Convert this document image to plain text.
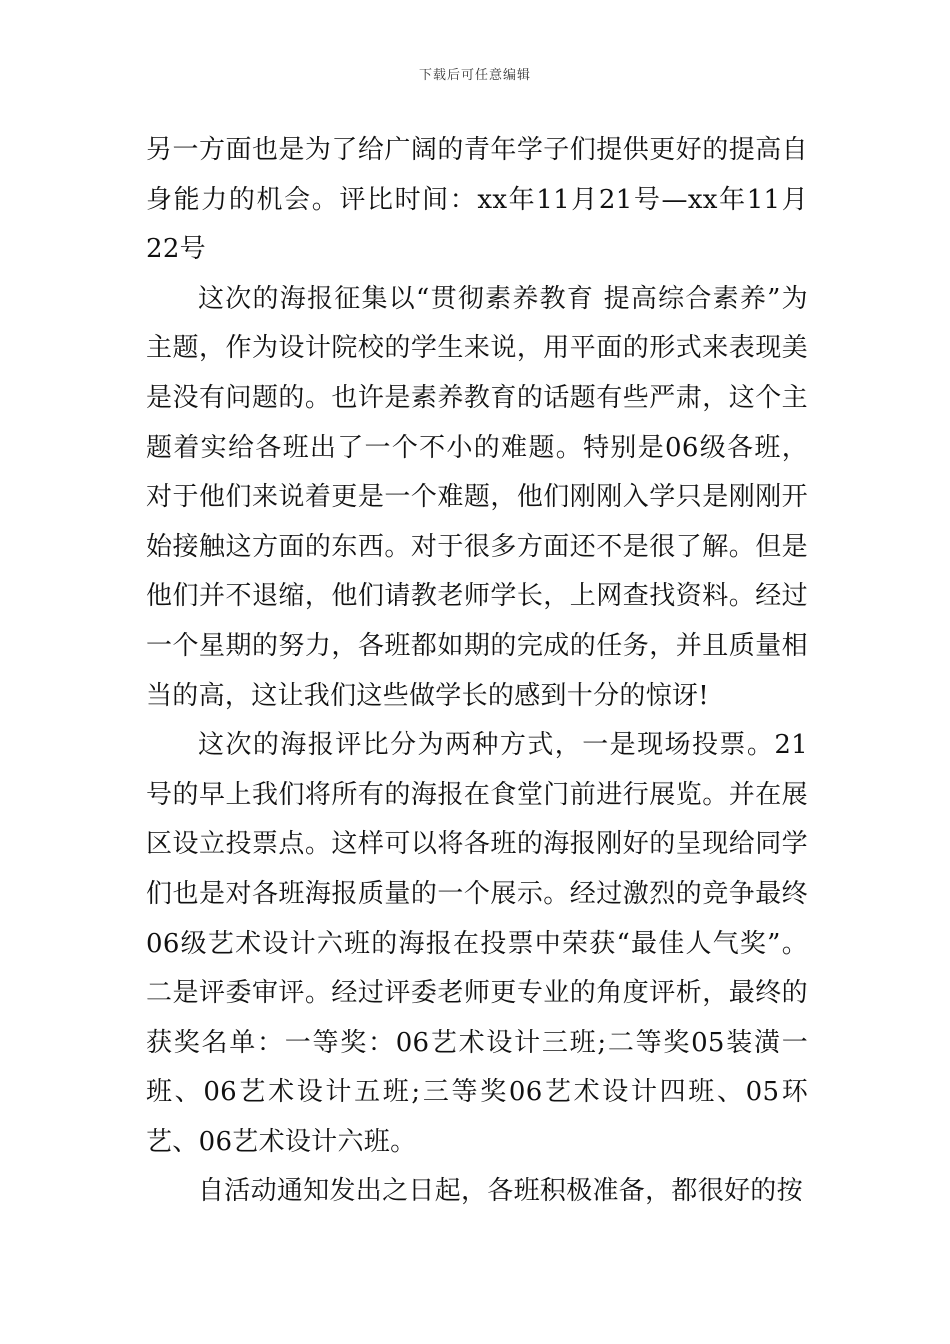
下载后可任意编辑

另一方面也是为了给广阔的青年学子们提供更好的提高自身能力的机会。评比时间：xx年11月21号—xx年11月22号

这次的海报征集以“贯彻素养教育 提高综合素养”为主题，作为设计院校的学生来说，用平面的形式来表现美是没有问题的。也许是素养教育的话题有些严肃，这个主题着实给各班出了一个不小的难题。特别是06级各班，对于他们来说着更是一个难题，他们刚刚入学只是刚刚开始接触这方面的东西。对于很多方面还不是很了解。但是他们并不退缩，他们请教老师学长，上网查找资料。经过一个星期的努力，各班都如期的完成的任务，并且质量相当的高，这让我们这些做学长的感到十分的惊讶!

这次的海报评比分为两种方式，一是现场投票。21号的早上我们将所有的海报在食堂门前进行展览。并在展区设立投票点。这样可以将各班的海报刚好的呈现给同学们也是对各班海报质量的一个展示。经过激烈的竞争最终06级艺术设计六班的海报在投票中荣获“最佳人气奖”。二是评委审评。经过评委老师更专业的角度评析，最终的获奖名单：一等奖：06艺术设计三班;二等奖05装潢一班、06艺术设计五班;三等奖06艺术设计四班、05环艺、06艺术设计六班。

自活动通知发出之日起，各班积极准备，都很好的按
